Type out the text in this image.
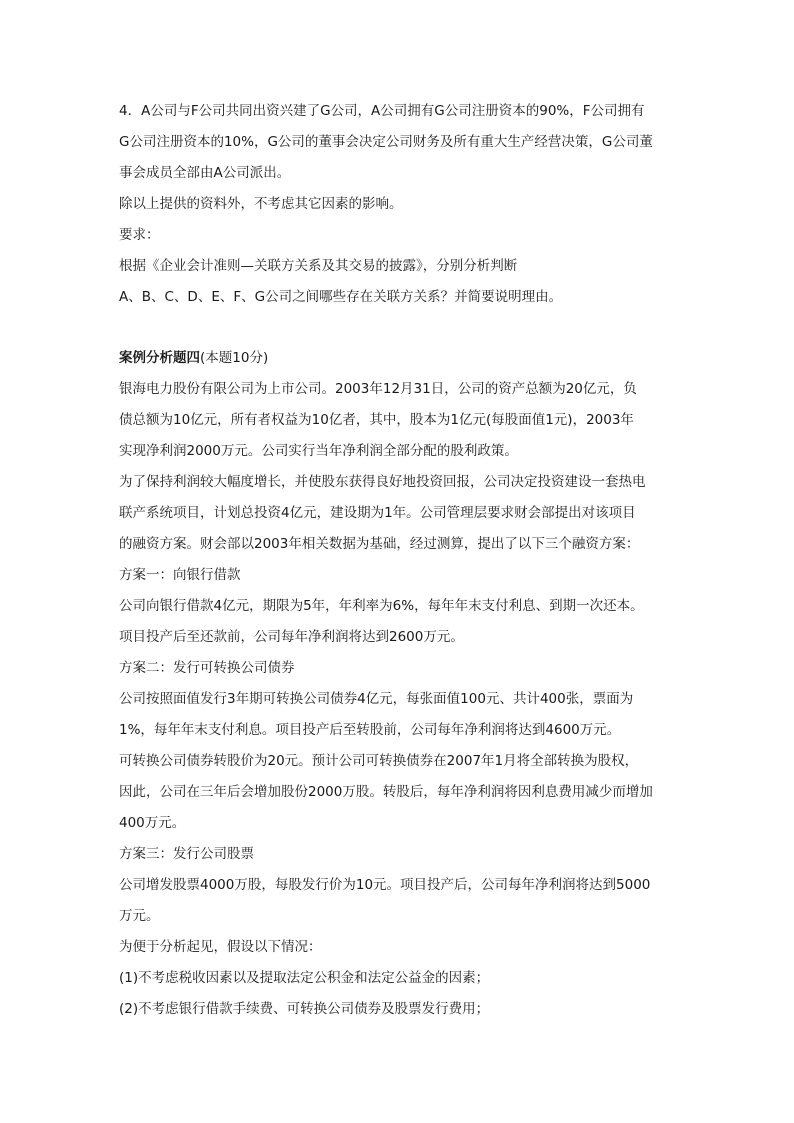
4．A公司与F公司共同出资兴建了G公司，A公司拥有G公司注册资本的90%，F公司拥有
G公司注册资本的10%，G公司的董事会决定公司财务及所有重大生产经营决策，G公司董
事会成员全部由A公司派出。
除以上提供的资料外，不考虑其它因素的影响。
要求：
根据《企业会计准则—关联方关系及其交易的披露》，分别分析判断
A、B、C、D、E、F、G公司之间哪些存在关联方关系？并简要说明理由。
案例分析题四(本题10分)
银海电力股份有限公司为上市公司。2003年12月31日，公司的资产总额为20亿元，负
债总额为10亿元，所有者权益为10亿者，其中，股本为1亿元(每股面值1元)，2003年
实现净利润2000万元。公司实行当年净利润全部分配的股利政策。
为了保持利润较大幅度增长，并使股东获得良好地投资回报，公司决定投资建设一套热电
联产系统项目，计划总投资4亿元，建设期为1年。公司管理层要求财会部提出对该项目
的融资方案。财会部以2003年相关数据为基础，经过测算，提出了以下三个融资方案：
方案一：向银行借款
公司向银行借款4亿元，期限为5年，年利率为6%，每年年末支付利息、到期一次还本。
项目投产后至还款前，公司每年净利润将达到2600万元。
方案二：发行可转换公司债券
公司按照面值发行3年期可转换公司债券4亿元，每张面值100元、共计400张，票面为
1%，每年年末支付利息。项目投产后至转股前，公司每年净利润将达到4600万元。
可转换公司债券转股价为20元。预计公司可转换债券在2007年1月将全部转换为股权，
因此，公司在三年后会增加股份2000万股。转股后，每年净利润将因利息费用减少而增加
400万元。
方案三：发行公司股票
公司增发股票4000万股，每股发行价为10元。项目投产后，公司每年净利润将达到5000
万元。
为便于分析起见，假设以下情况：
(1)不考虑税收因素以及提取法定公积金和法定公益金的因素；
(2)不考虑银行借款手续费、可转换公司债券及股票发行费用；
